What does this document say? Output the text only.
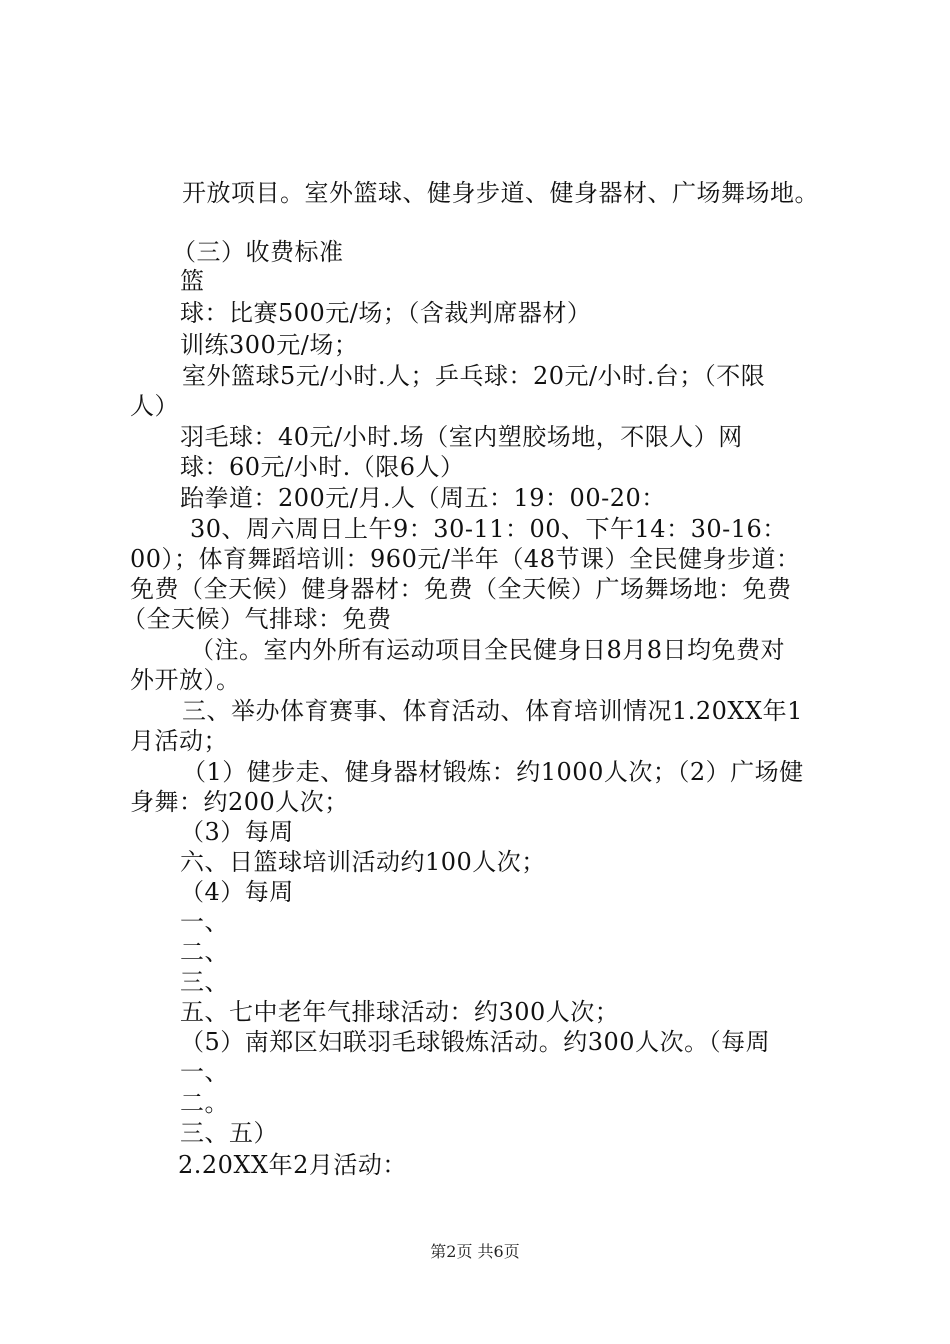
开放项目。室外篮球、健身步道、健身器材、广场舞场地。
（三）收费标准
篮
球：比赛500元/场；（含裁判席器材）
训练300元/场；
室外篮球5元/小时.人；乒乓球：20元/小时.台；（不限
人）
羽毛球：40元/小时.场（室内塑胶场地，不限人）网
球：60元/小时.（限6人）
跆拳道：200元/月.人（周五：19：00-20：
30、周六周日上午9：30-11：00、下午14：30-16：
00）；体育舞蹈培训：960元/半年（48节课）全民健身步道：
免费（全天候）健身器材：免费（全天候）广场舞场地：免费
（全天候）气排球：免费
（注。室内外所有运动项目全民健身日8月8日均免费对
外开放）。
三、举办体育赛事、体育活动、体育培训情况1.20XX年1
月活动；
（1）健步走、健身器材锻炼：约1000人次；（2）广场健
身舞：约200人次；
（3）每周
六、日篮球培训活动约100人次；
（4）每周
一、
二、
三、
五、七中老年气排球活动：约300人次；
（5）南郑区妇联羽毛球锻炼活动。约300人次。（每周
一、
二。
三、五）
2.20XX年2月活动：
第2页 共6页
